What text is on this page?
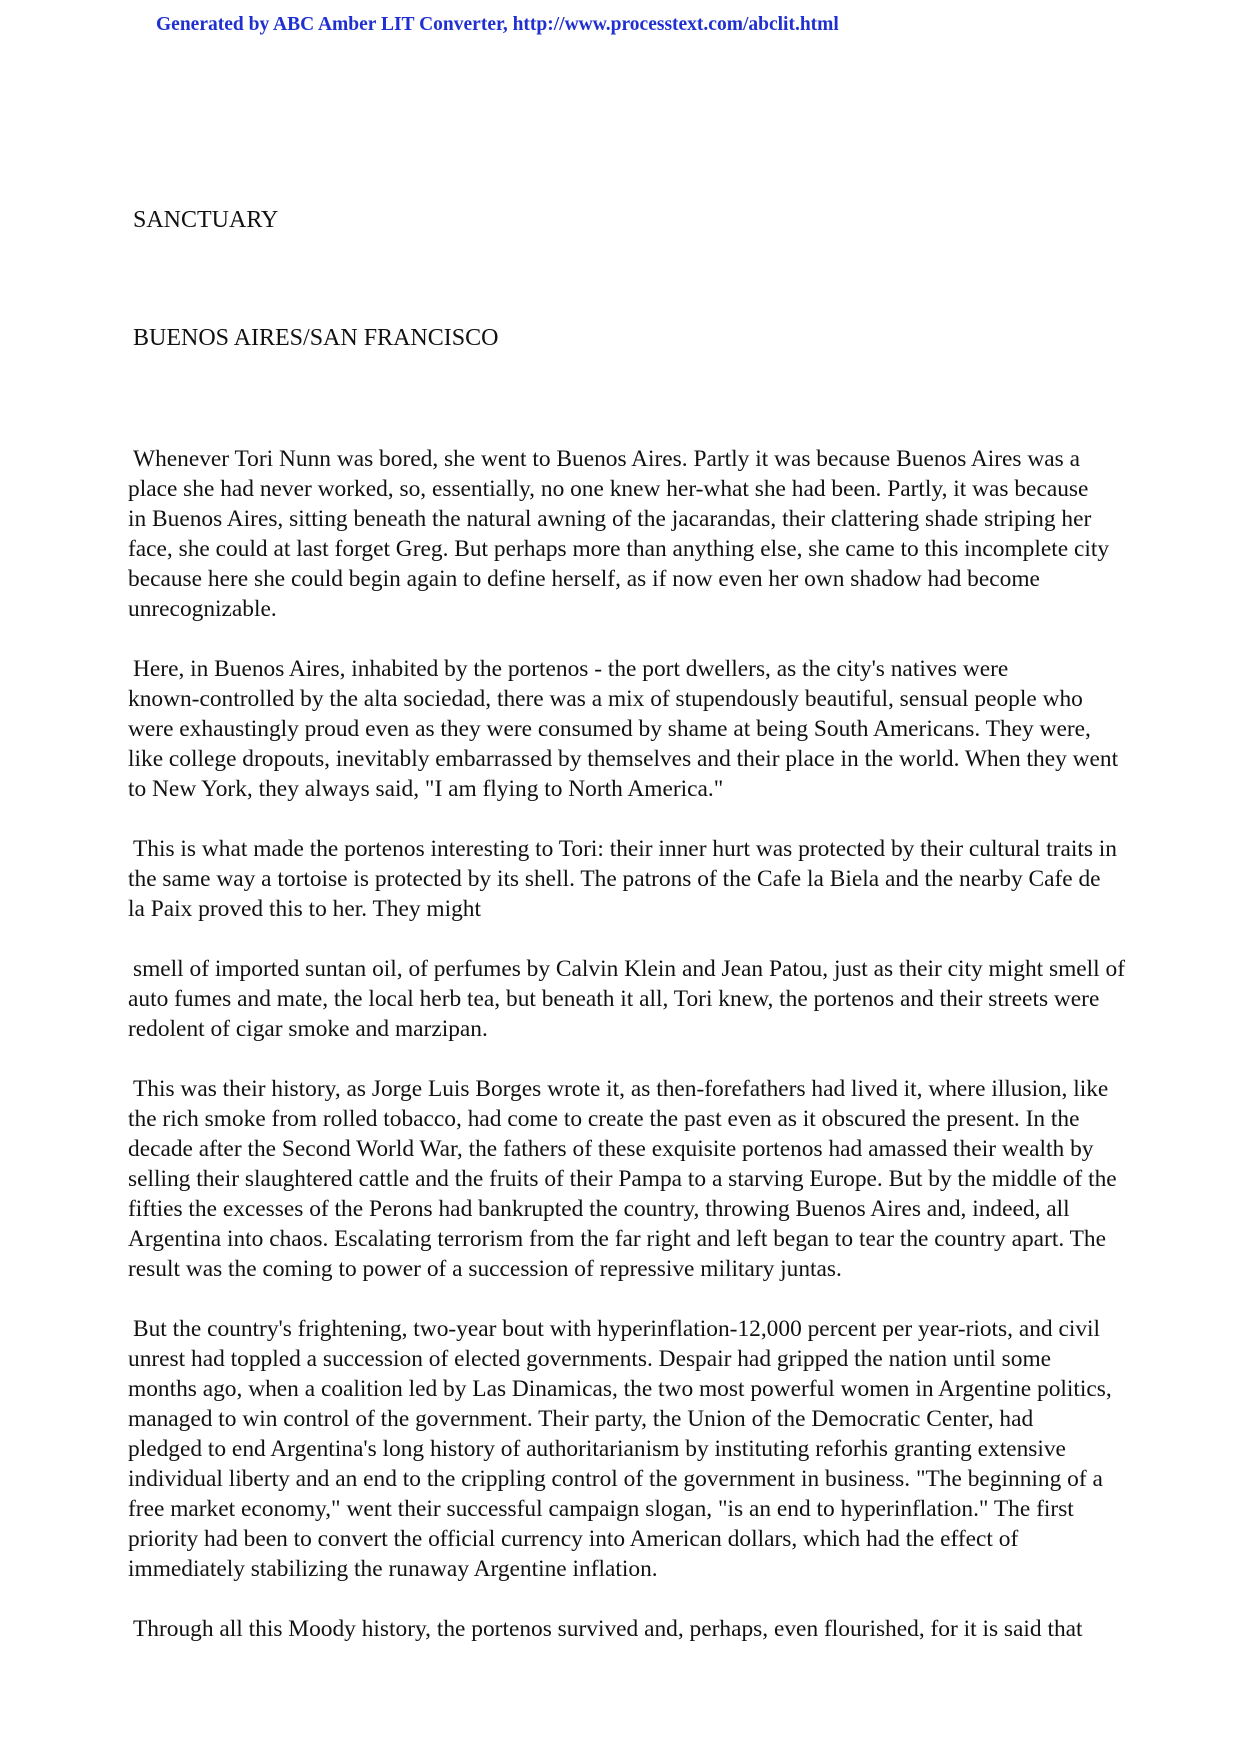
Generated by ABC Amber LIT Converter, http://www.processtext.com/abclit.html
SANCTUARY
BUENOS AIRES/SAN FRANCISCO

Whenever Tori Nunn was bored, she went to Buenos Aires. Partly it was because Buenos Aires was a
place she had never worked, so, essentially, no one knew her-what she had been. Partly, it was because
in Buenos Aires, sitting beneath the natural awning of the jacarandas, their clattering shade striping her
face, she could at last forget Greg. But perhaps more than anything else, she came to this incomplete city
because here she could begin again to define herself, as if now even her own shadow had become
unrecognizable.

Here, in Buenos Aires, inhabited by the portenos - the port dwellers, as the city's natives were
known-controlled by the alta sociedad, there was a mix of stupendously beautiful, sensual people who
were exhaustingly proud even as they were consumed by shame at being South Americans. They were,
like college dropouts, inevitably embarrassed by themselves and their place in the world. When they went
to New York, they always said, "I am flying to North America."

This is what made the portenos interesting to Tori: their inner hurt was protected by their cultural traits in
the same way a tortoise is protected by its shell. The patrons of the Cafe la Biela and the nearby Cafe de
la Paix proved this to her. They might

smell of imported suntan oil, of perfumes by Calvin Klein and Jean Patou, just as their city might smell of
auto fumes and mate, the local herb tea, but beneath it all, Tori knew, the portenos and their streets were
redolent of cigar smoke and marzipan.

This was their history, as Jorge Luis Borges wrote it, as then-forefathers had lived it, where illusion, like
the rich smoke from rolled tobacco, had come to create the past even as it obscured the present. In the
decade after the Second World War, the fathers of these exquisite portenos had amassed their wealth by
selling their slaughtered cattle and the fruits of their Pampa to a starving Europe. But by the middle of the
fifties the excesses of the Perons had bankrupted the country, throwing Buenos Aires and, indeed, all
Argentina into chaos. Escalating terrorism from the far right and left began to tear the country apart. The
result was the coming to power of a succession of repressive military juntas.

But the country's frightening, two-year bout with hyperinflation-12,000 percent per year-riots, and civil
unrest had toppled a succession of elected governments. Despair had gripped the nation until some
months ago, when a coalition led by Las Dinamicas, the two most powerful women in Argentine politics,
managed to win control of the government. Their party, the Union of the Democratic Center, had
pledged to end Argentina's long history of authoritarianism by instituting reforhis granting extensive
individual liberty and an end to the crippling control of the government in business. "The beginning of a
free market economy," went their successful campaign slogan, "is an end to hyperinflation." The first
priority had been to convert the official currency into American dollars, which had the effect of
immediately stabilizing the runaway Argentine inflation.

Through all this Moody history, the portenos survived and, perhaps, even flourished, for it is said that
